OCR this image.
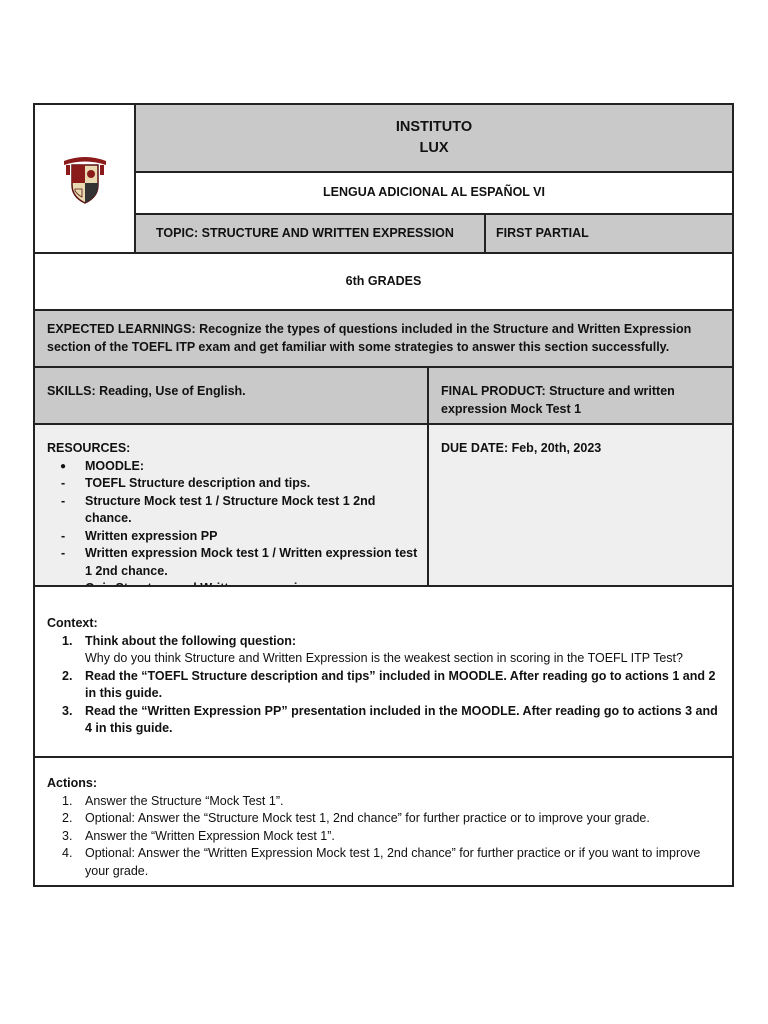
INSTITUTO
LUX
LENGUA ADICIONAL AL ESPAÑOL VI
TOPIC: STRUCTURE AND WRITTEN EXPRESSION	FIRST PARTIAL
6th GRADES
EXPECTED LEARNINGS: Recognize the types of questions included in the Structure and Written Expression section of the TOEFL ITP exam and get familiar with some strategies to answer this section successfully.
SKILLS: Reading, Use of English.	FINAL PRODUCT: Structure and written expression Mock Test 1
RESOURCES:
● MOODLE:
- TOEFL Structure description and tips.
- Structure Mock test 1 / Structure Mock test 1 2nd chance.
- Written expression PP
- Written expression Mock test 1 / Written expression test 1 2nd chance.
-
DUE DATE: Feb, 20th, 2023
Context:
1. Think about the following question:
Why do you think Structure and Written Expression is the weakest section in scoring in the TOEFL ITP Test?
2. Read the “TOEFL Structure description and tips” included in MOODLE. After reading go to actions 1 and 2 in this guide.
3. Read the “Written Expression PP” presentation included in the MOODLE. After reading go to actions 3 and 4 in this guide.
Actions:
1. Answer the Structure “Mock Test 1”.
2. Optional: Answer the “Structure Mock test 1, 2nd chance” for further practice or to improve your grade.
3. Answer the “Written Expression Mock test 1”.
4. Optional: Answer the “Written Expression Mock test 1, 2nd chance” for further practice or if you want to improve your grade.
